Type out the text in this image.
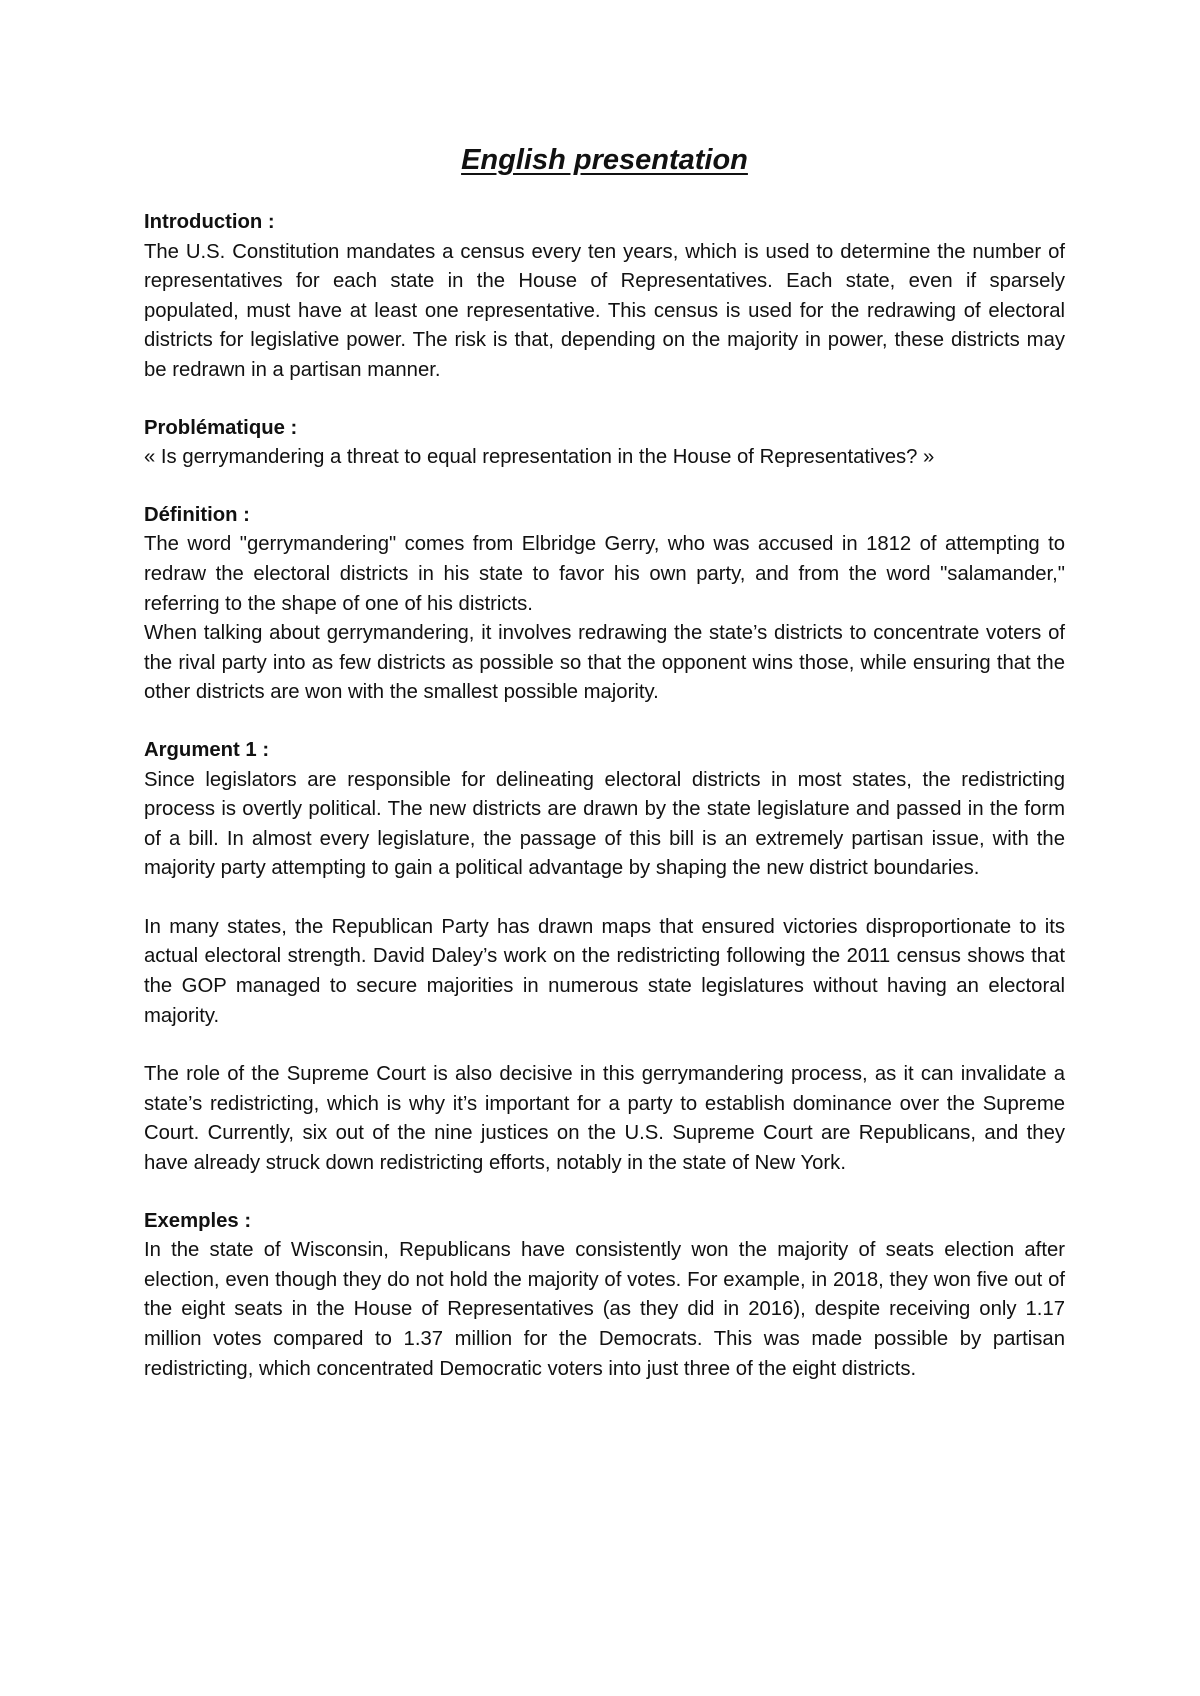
English presentation

Introduction :

The U.S. Constitution mandates a census every ten years, which is used to determine the number of representatives for each state in the House of Representatives. Each state, even if sparsely populated, must have at least one representative. This census is used for the redrawing of electoral districts for legislative power. The risk is that, depending on the majority in power, these districts may be redrawn in a partisan manner.

Problématique :

« Is gerrymandering a threat to equal representation in the House of Representatives? »

Définition :

The word "gerrymandering" comes from Elbridge Gerry, who was accused in 1812 of attempting to redraw the electoral districts in his state to favor his own party, and from the word "salamander," referring to the shape of one of his districts.

When talking about gerrymandering, it involves redrawing the state’s districts to concentrate voters of the rival party into as few districts as possible so that the opponent wins those, while ensuring that the other districts are won with the smallest possible majority.

Argument 1 :

Since legislators are responsible for delineating electoral districts in most states, the redistricting process is overtly political. The new districts are drawn by the state legislature and passed in the form of a bill. In almost every legislature, the passage of this bill is an extremely partisan issue, with the majority party attempting to gain a political advantage by shaping the new district boundaries.

In many states, the Republican Party has drawn maps that ensured victories disproportionate to its actual electoral strength. David Daley’s work on the redistricting following the 2011 census shows that the GOP managed to secure majorities in numerous state legislatures without having an electoral majority.

The role of the Supreme Court is also decisive in this gerrymandering process, as it can invalidate a state’s redistricting, which is why it’s important for a party to establish dominance over the Supreme Court. Currently, six out of the nine justices on the U.S. Supreme Court are Republicans, and they have already struck down redistricting efforts, notably in the state of New York.

Exemples :

In the state of Wisconsin, Republicans have consistently won the majority of seats election after election, even though they do not hold the majority of votes. For example, in 2018, they won five out of the eight seats in the House of Representatives (as they did in 2016), despite receiving only 1.17 million votes compared to 1.37 million for the Democrats. This was made possible by partisan redistricting, which concentrated Democratic voters into just three of the eight districts.
